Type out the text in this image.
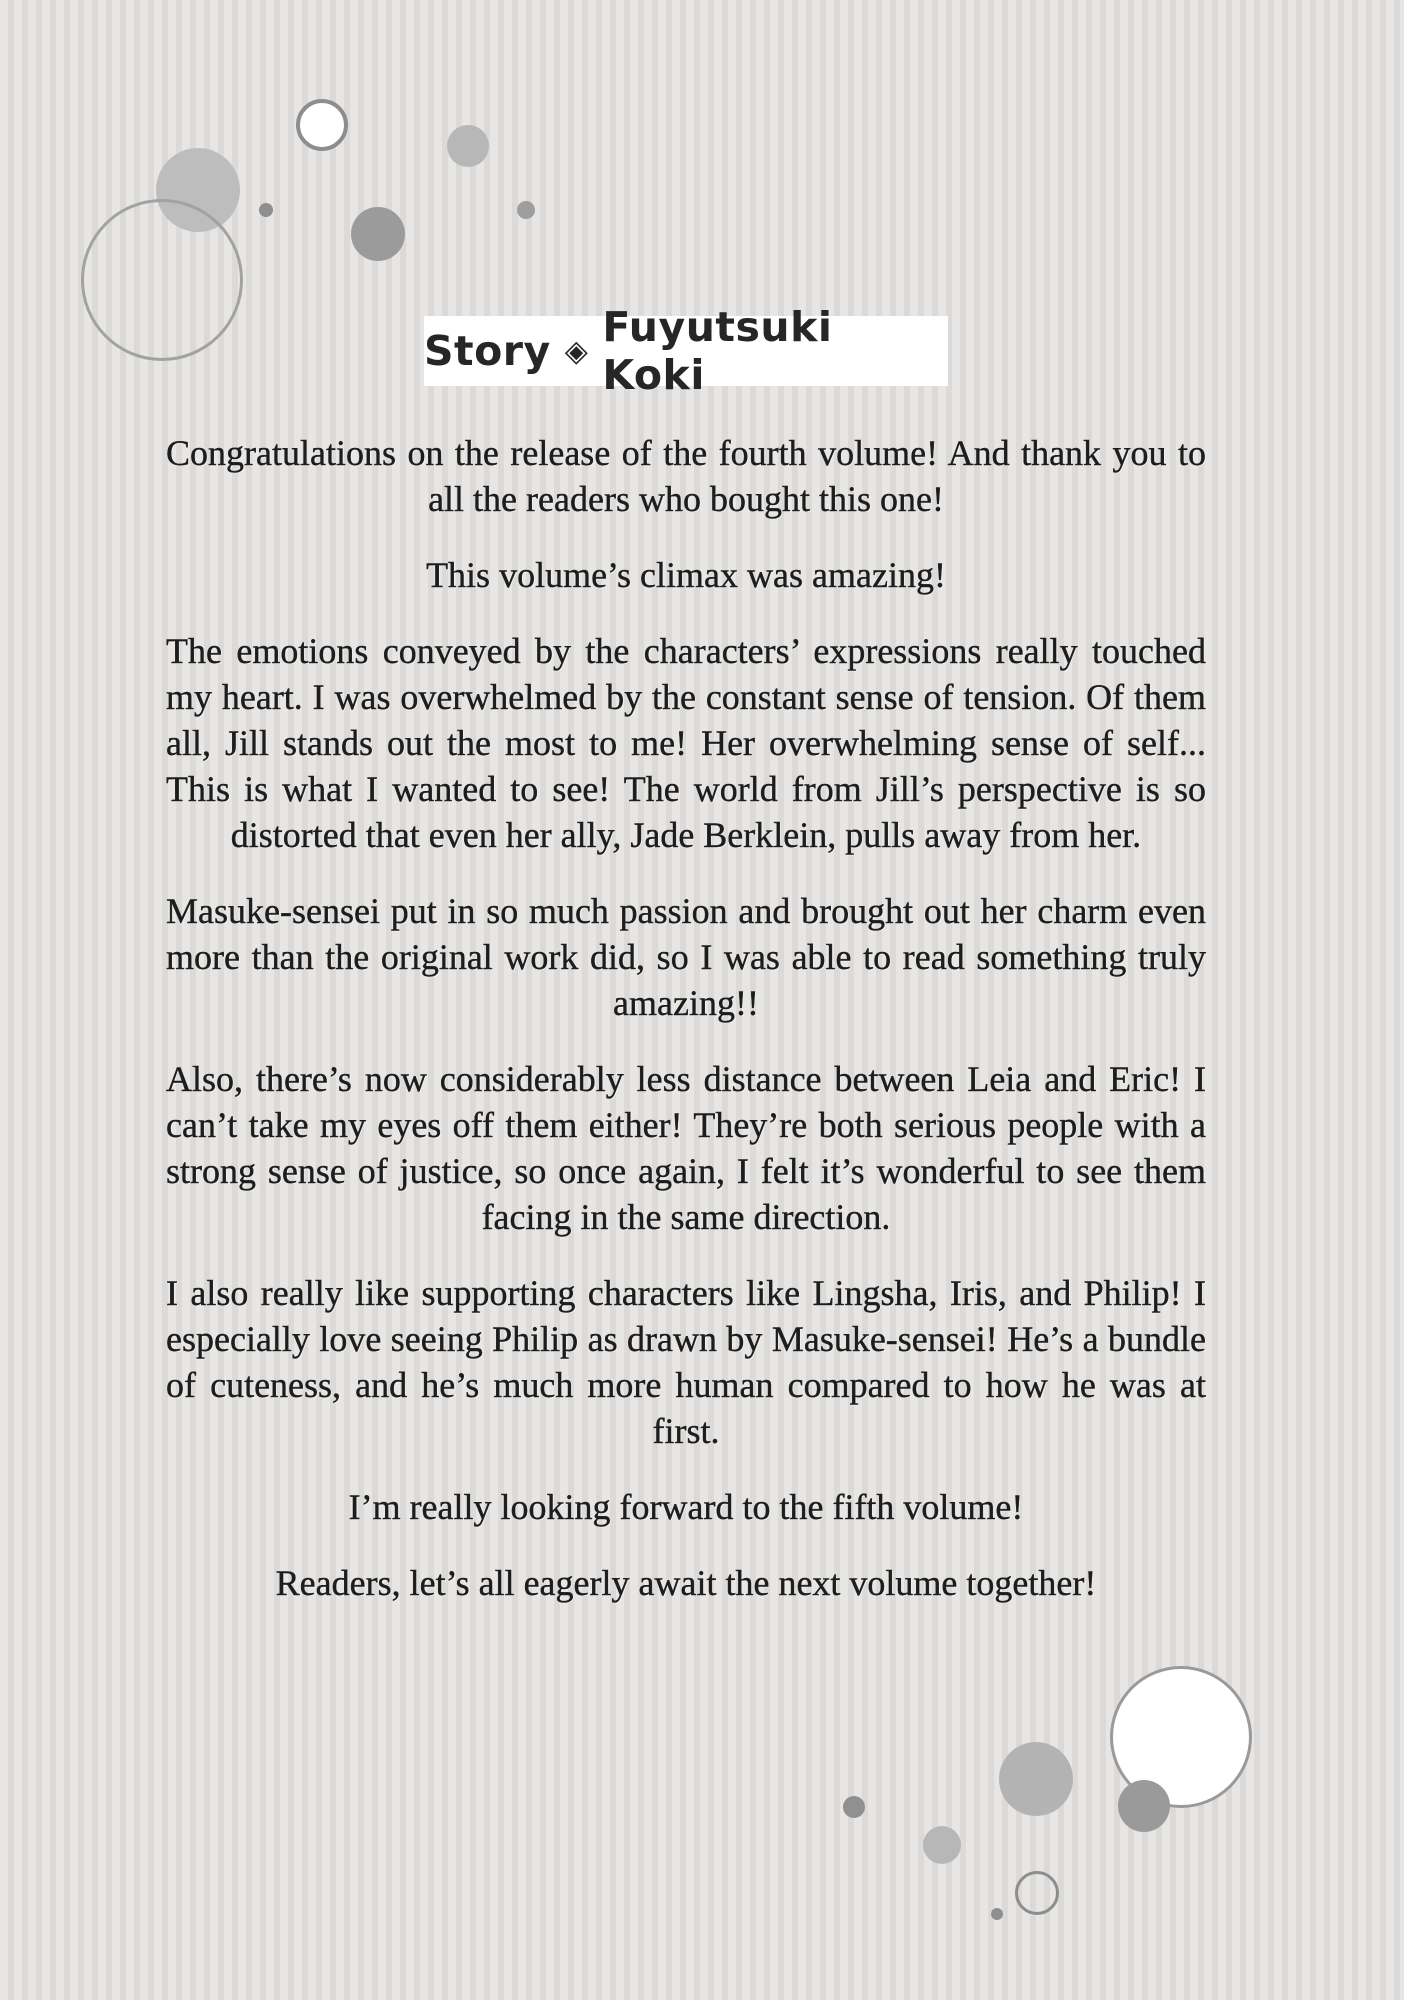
Story ◈
Fuyutsuki Koki

Congratulations on the release of the fourth volume! And thank you to all the readers who bought this one!

This volume’s climax was amazing!

The emotions conveyed by the characters’ expressions really touched my heart. I was overwhelmed by the constant sense of tension. Of them all, Jill stands out the most to me! Her overwhelming sense of self... This is what I wanted to see! The world from Jill’s perspective is so distorted that even her ally, Jade Berklein, pulls away from her.

Masuke-sensei put in so much passion and brought out her charm even more than the original work did, so I was able to read something truly amazing!!

Also, there’s now considerably less distance between Leia and Eric! I can’t take my eyes off them either! They’re both serious people with a strong sense of justice, so once again, I felt it’s wonderful to see them facing in the same direction.

I also really like supporting characters like Lingsha, Iris, and Philip! I especially love seeing Philip as drawn by Masuke-sensei! He’s a bundle of cuteness, and he’s much more human compared to how he was at first.

I’m really looking forward to the fifth volume!

Readers, let’s all eagerly await the next volume together!
